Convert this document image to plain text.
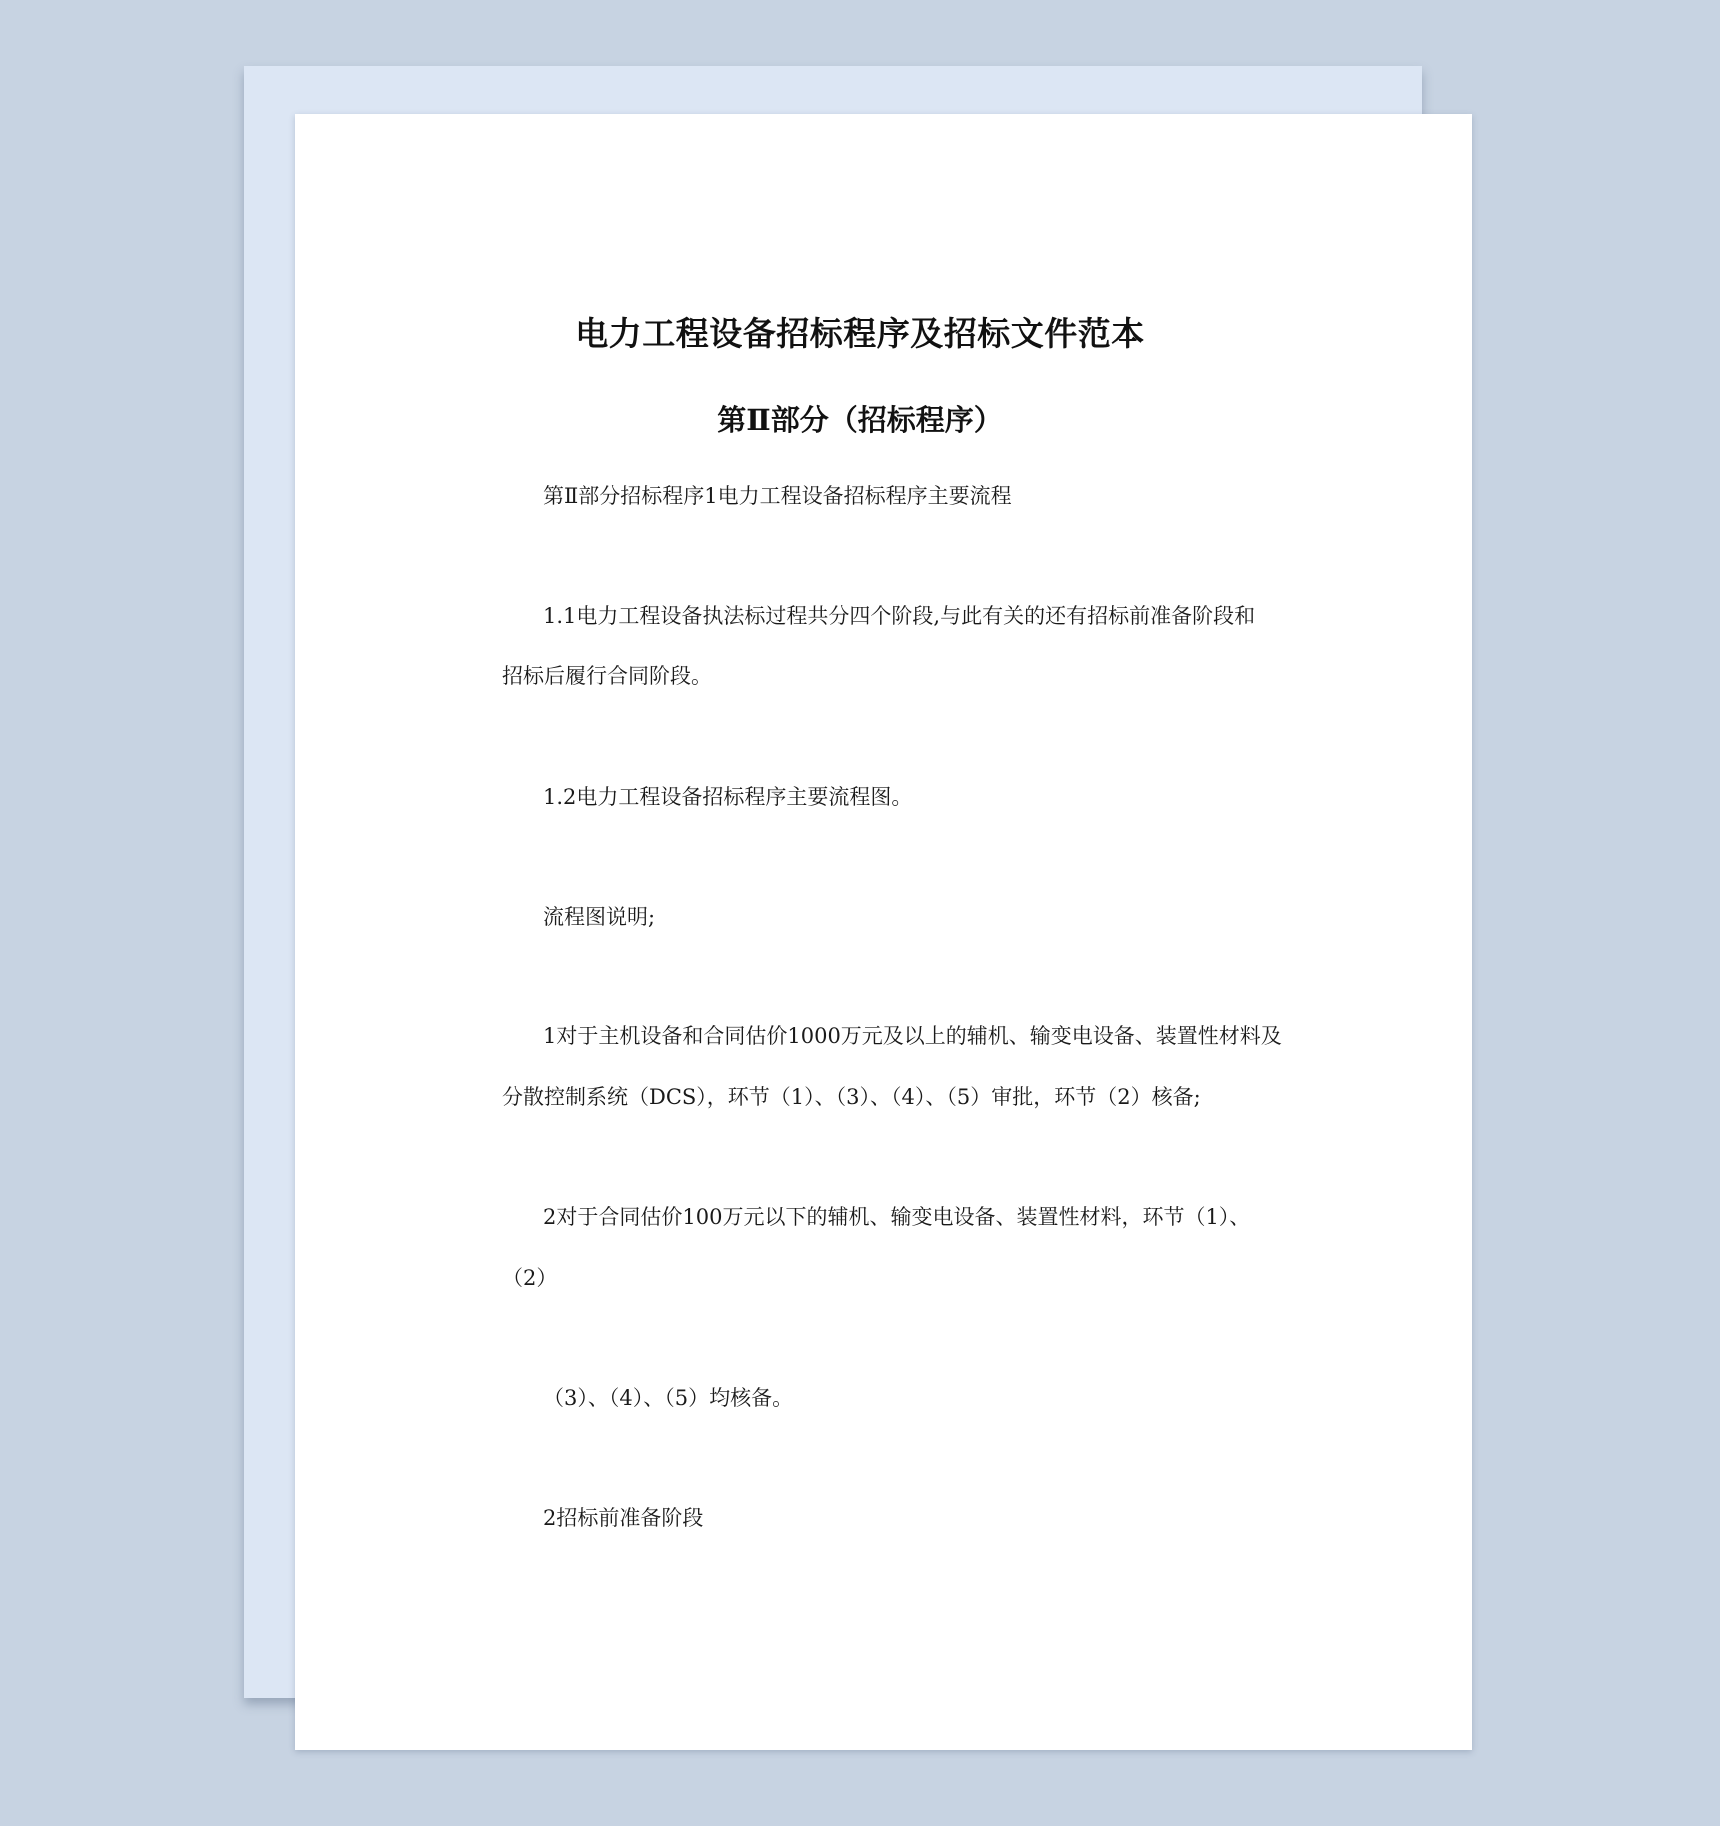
电力工程设备招标程序及招标文件范本
第Ⅱ部分（招标程序）

第Ⅱ部分招标程序1电力工程设备招标程序主要流程

1.1电力工程设备执法标过程共分四个阶段,与此有关的还有招标前准备阶段和

招标后履行合同阶段。

1.2电力工程设备招标程序主要流程图。

流程图说明;

1对于主机设备和合同估价1000万元及以上的辅机、输变电设备、装置性材料及

分散控制系统（DCS），环节（1）、（3）、（4）、（5）审批，环节（2）核备;

2对于合同估价100万元以下的辅机、输变电设备、装置性材料，环节（1）、

（2）

（3）、（4）、（5）均核备。

2招标前准备阶段
